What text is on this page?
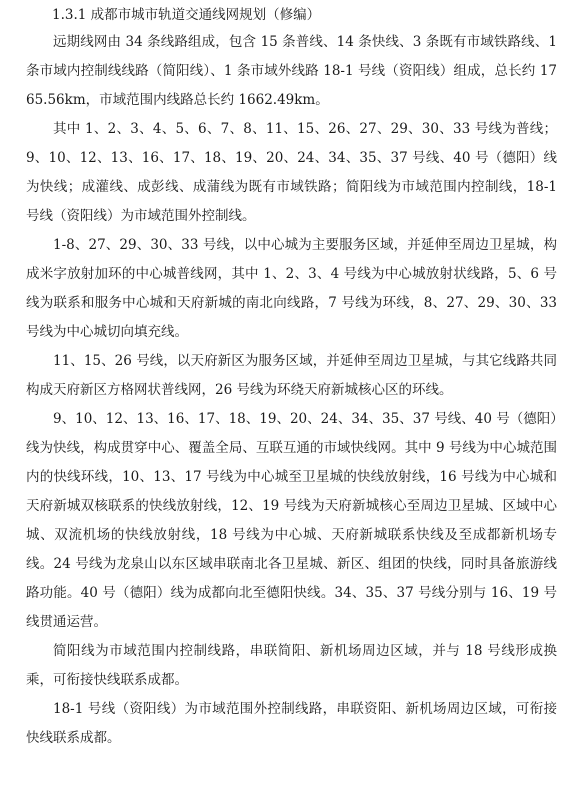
1.3.1 成都市城市轨道交通线网规划（修编）

远期线网由 34 条线路组成，包含 15 条普线、14 条快线、3 条既有市域铁路线、1 条市域内控制线线路（简阳线）、1 条市域外线路 18-1 号线（资阳线）组成，总长约 1765.56km，市域范围内线路总长约 1662.49km。

其中 1、2、3、4、5、6、7、8、11、15、26、27、29、30、33 号线为普线；9、10、12、13、16、17、18、19、20、24、34、35、37 号线、40 号（德阳）线为快线；成灌线、成彭线、成蒲线为既有市域铁路；简阳线为市域范围内控制线，18-1 号线（资阳线）为市域范围外控制线。

1-8、27、29、30、33 号线，以中心城为主要服务区域，并延伸至周边卫星城，构成米字放射加环的中心城普线网，其中 1、2、3、4 号线为中心城放射状线路，5、6 号线为联系和服务中心城和天府新城的南北向线路，7 号线为环线，8、27、29、30、33 号线为中心城切向填充线。

11、15、26 号线，以天府新区为服务区域，并延伸至周边卫星城，与其它线路共同构成天府新区方格网状普线网，26 号线为环绕天府新城核心区的环线。

9、10、12、13、16、17、18、19、20、24、34、35、37 号线、40 号（德阳）线为快线，构成贯穿中心、覆盖全局、互联互通的市域快线网。其中 9 号线为中心城范围内的快线环线，10、13、17 号线为中心城至卫星城的快线放射线，16 号线为中心城和天府新城双核联系的快线放射线，12、19 号线为天府新城核心至周边卫星城、区域中心城、双流机场的快线放射线，18 号线为中心城、天府新城联系快线及至成都新机场专线。24 号线为龙泉山以东区域串联南北各卫星城、新区、组团的快线，同时具备旅游线路功能。40 号（德阳）线为成都向北至德阳快线。34、35、37 号线分别与 16、19 号线贯通运营。

简阳线为市域范围内控制线路，串联简阳、新机场周边区域，并与 18 号线形成换乘，可衔接快线联系成都。

18-1 号线（资阳线）为市域范围外控制线路，串联资阳、新机场周边区域，可衔接快线联系成都。
